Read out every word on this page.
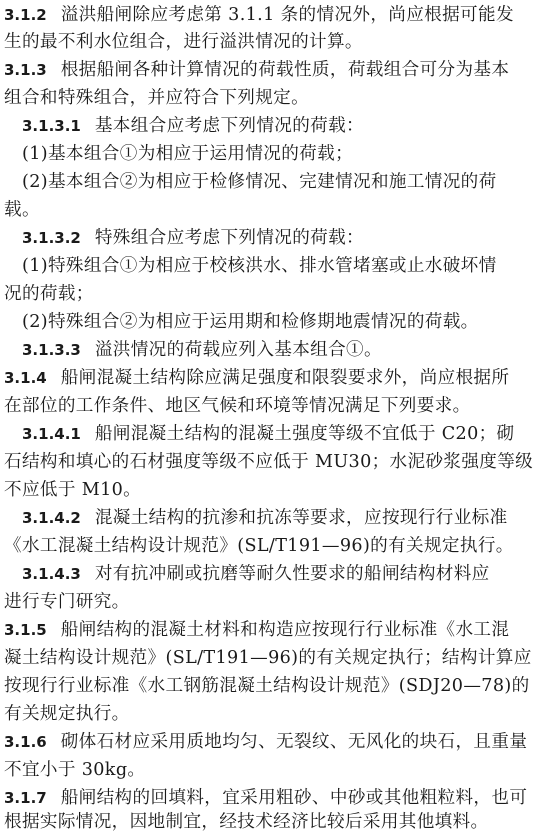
3.1.2 溢洪船闸除应考虑第 3.1.1 条的情况外，尚应根据可能发
生的最不利水位组合，进行溢洪情况的计算。
3.1.3 根据船闸各种计算情况的荷载性质，荷载组合可分为基本
组合和特殊组合，并应符合下列规定。
3.1.3.1 基本组合应考虑下列情况的荷载：
(1)基本组合①为相应于运用情况的荷载；
(2)基本组合②为相应于检修情况、完建情况和施工情况的荷
载。
3.1.3.2 特殊组合应考虑下列情况的荷载：
(1)特殊组合①为相应于校核洪水、排水管堵塞或止水破坏情
况的荷载；
(2)特殊组合②为相应于运用期和检修期地震情况的荷载。
3.1.3.3 溢洪情况的荷载应列入基本组合①。
3.1.4 船闸混凝土结构除应满足强度和限裂要求外，尚应根据所
在部位的工作条件、地区气候和环境等情况满足下列要求。
3.1.4.1 船闸混凝土结构的混凝土强度等级不宜低于 C20；砌
石结构和填心的石材强度等级不应低于 MU30；水泥砂浆强度等级
不应低于 M10。
3.1.4.2 混凝土结构的抗渗和抗冻等要求，应按现行行业标准
《水工混凝土结构设计规范》(SL/T191—96)的有关规定执行。
3.1.4.3 对有抗冲刷或抗磨等耐久性要求的船闸结构材料应
进行专门研究。
3.1.5 船闸结构的混凝土材料和构造应按现行行业标准《水工混
凝土结构设计规范》(SL/T191—96)的有关规定执行；结构计算应
按现行行业标准《水工钢筋混凝土结构设计规范》(SDJ20—78)的
有关规定执行。
3.1.6 砌体石材应采用质地均匀、无裂纹、无风化的块石，且重量
不宜小于 30kg。
3.1.7 船闸结构的回填料，宜采用粗砂、中砂或其他粗粒料，也可
根据实际情况，因地制宜，经技术经济比较后采用其他填料。
